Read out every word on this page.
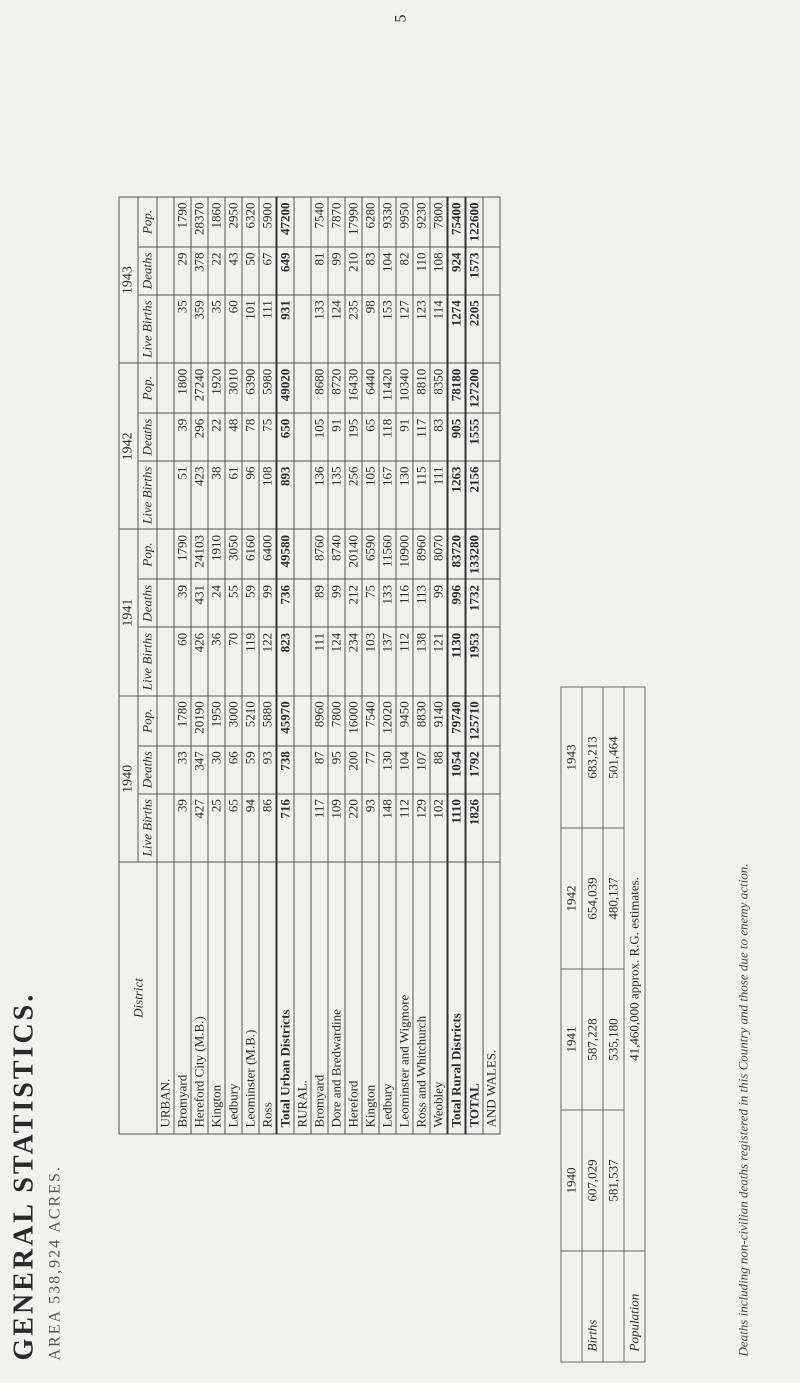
GENERAL STATISTICS. AREA 538,924 ACRES.
5
District	1940			1941			1942			1943		
	Live Births	Deaths	Pop.	Live Births	Deaths	Pop.	Live Births	Deaths	Pop.	Live Births	Deaths	Pop.
URBAN.												
Bromyard	39	33	1780	60	39	1790	51	39	1800	35	29	1790
Hereford City (M.B.)	427	347	20190	426	431	24103	423	296	27240	359	378	28370
Kington	25	30	1950	36	24	1910	38	22	1920	35	22	1860
Ledbury	65	66	3000	70	55	3050	61	48	3010	60	43	2950
Leominster (M.B.)	94	59	5210	119	59	6160	96	78	6390	101	50	6320
Ross	86	93	5880	122	99	6400	108	75	5980	111	67	5900
Total Urban Districts	716	738	45970	823	736	49580	893	650	49020	931	649	47200
RURAL.												
Bromyard	117	87	8960	111	89	8760	136	105	8680	133	81	7540
Dore and Bredwardine	109	95	7800	124	99	8740	135	91	8720	124	99	7870
Hereford	220	200	16000	234	212	20140	256	195	16430	235	210	17990
Kington	93	77	7540	103	75	6590	105	65	6440	98	83	6280
Ledbury	148	130	12020	137	133	11560	167	118	11420	153	104	9330
Leominster and Wigmore	112	104	9450	112	116	10900	130	91	10340	127	82	9950
Ross and Whitchurch	129	107	8830	138	113	8960	115	117	8810	123	110	9230
Weobley	102	88	9140	121	99	8070	111	83	8350	114	108	7800
Total Rural Districts	1110	1054	79740	1130	996	83720	1263	905	78180	1274	924	75400
TOTAL	1826	1792	125710	1953	1732	133280	2156	1555	127200	2205	1573	122600
AND WALES.												
	1940	1941	1942	1943
Births	607,029	587,228	654,039	683,213
	581,537	535,180	480,137	501,464
Population	41,460,000 approx. R.G. estimates.				Deaths including non-civilian deaths registered in this Country and those due to enemy action.
